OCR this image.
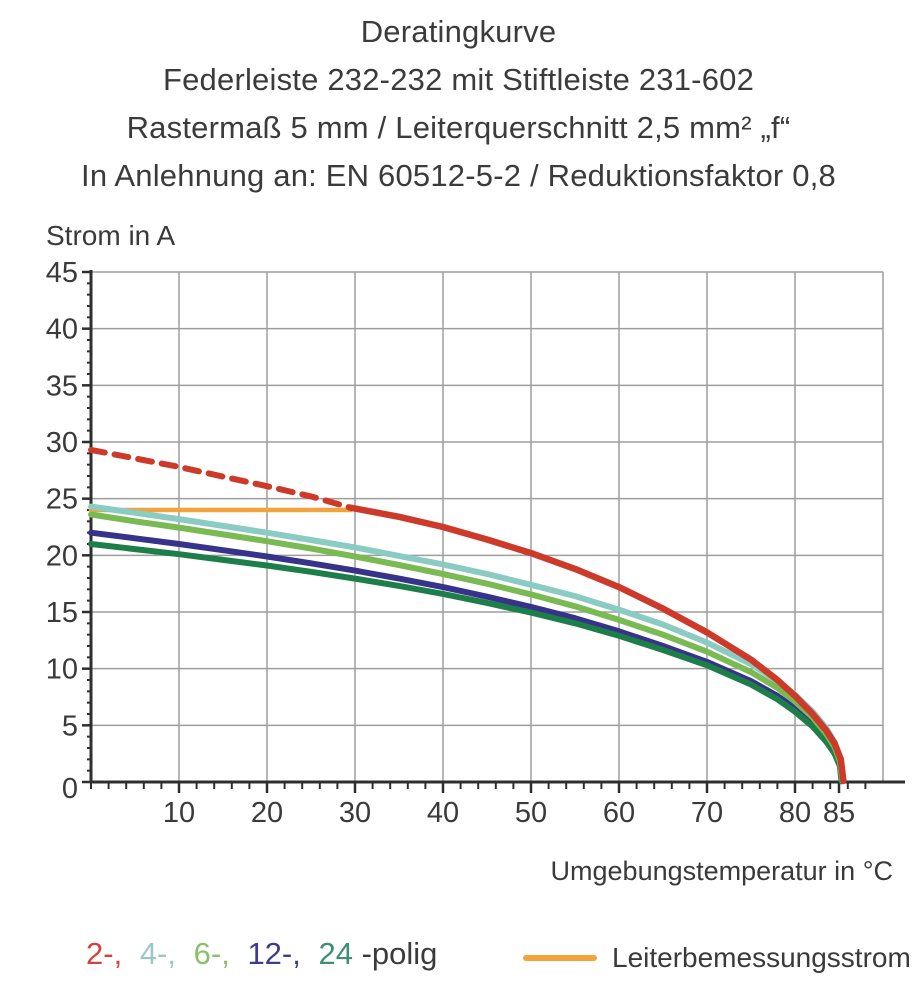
Deratingkurve
Federleiste 232-232 mit Stiftleiste 231-602
Rastermaß 5 mm / Leiterquerschnitt 2,5 mm² „f“
In Anlehnung an: EN 60512-5-2 / Reduktionsfaktor 0,8
Strom in A
10 20 30 40 50 60 70 80 85
0
5
10
15
20
25
30
35
40
45
Umgebungstemperatur in °C
2-, 4-, 6-, 12-, 24 -polig	Leiterbemessungsstrom
